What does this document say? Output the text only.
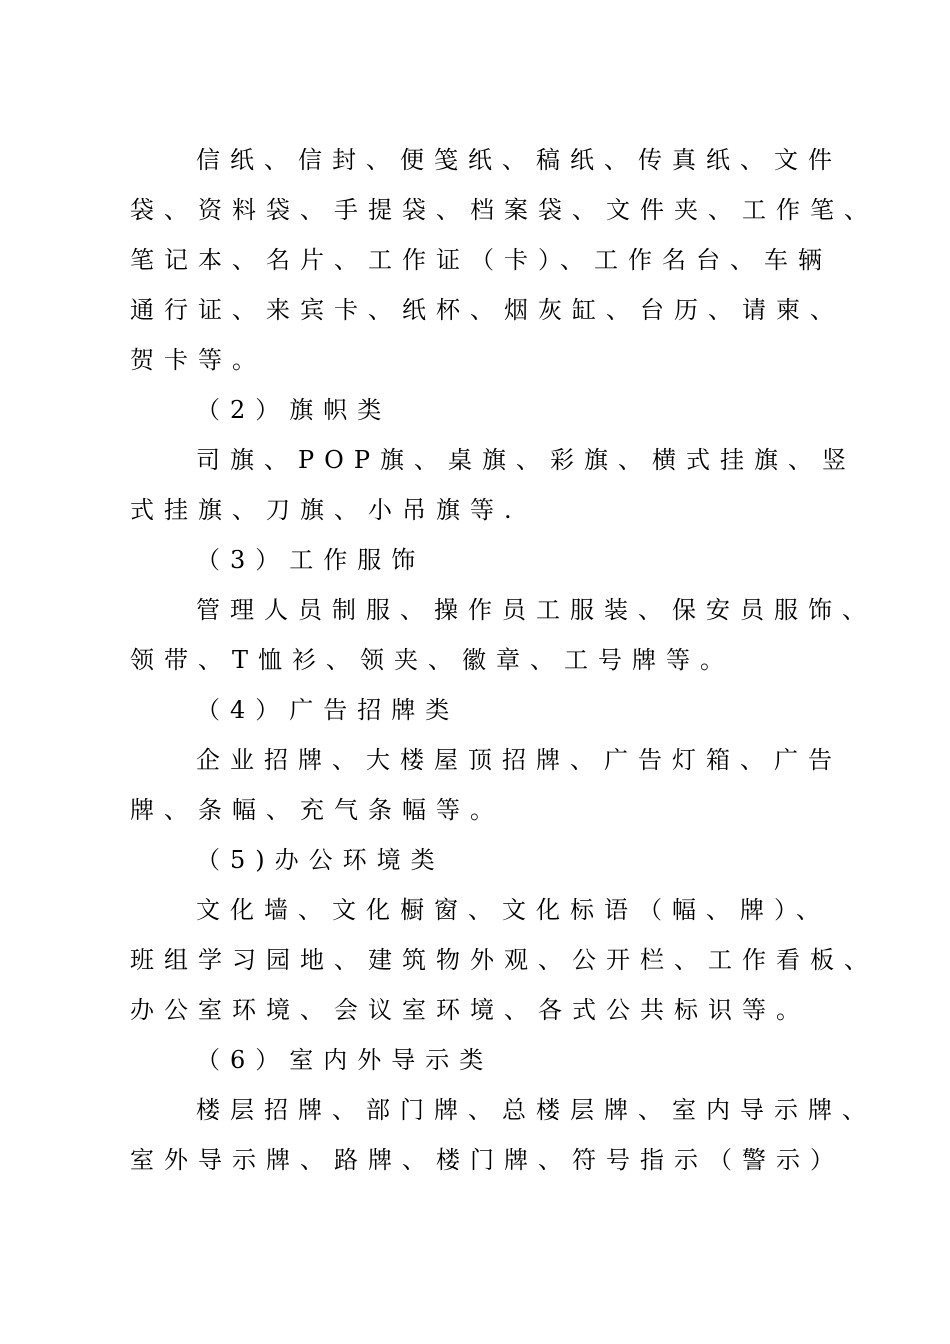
信纸、信封、便笺纸、稿纸、传真纸、文件
袋、资料袋、手提袋、档案袋、文件夹、工作笔、
笔记本、名片、工作证（卡）、工作名台、车辆
通行证、来宾卡、纸杯、烟灰缸、台历、请柬、
贺卡等。
（2）旗帜类
司旗、POP旗、桌旗、彩旗、横式挂旗、竖
式挂旗、刀旗、小吊旗等.
（3）工作服饰
管理人员制服、操作员工服装、保安员服饰、
领带、T恤衫、领夹、徽章、工号牌等。
（4）广告招牌类
企业招牌、大楼屋顶招牌、广告灯箱、广告
牌、条幅、充气条幅等。
（5)办公环境类
文化墙、文化橱窗、文化标语（幅、牌）、
班组学习园地、建筑物外观、公开栏、工作看板、
办公室环境、会议室环境、各式公共标识等。
（6）室内外导示类
楼层招牌、部门牌、总楼层牌、室内导示牌、
室外导示牌、路牌、楼门牌、符号指示（警示）
